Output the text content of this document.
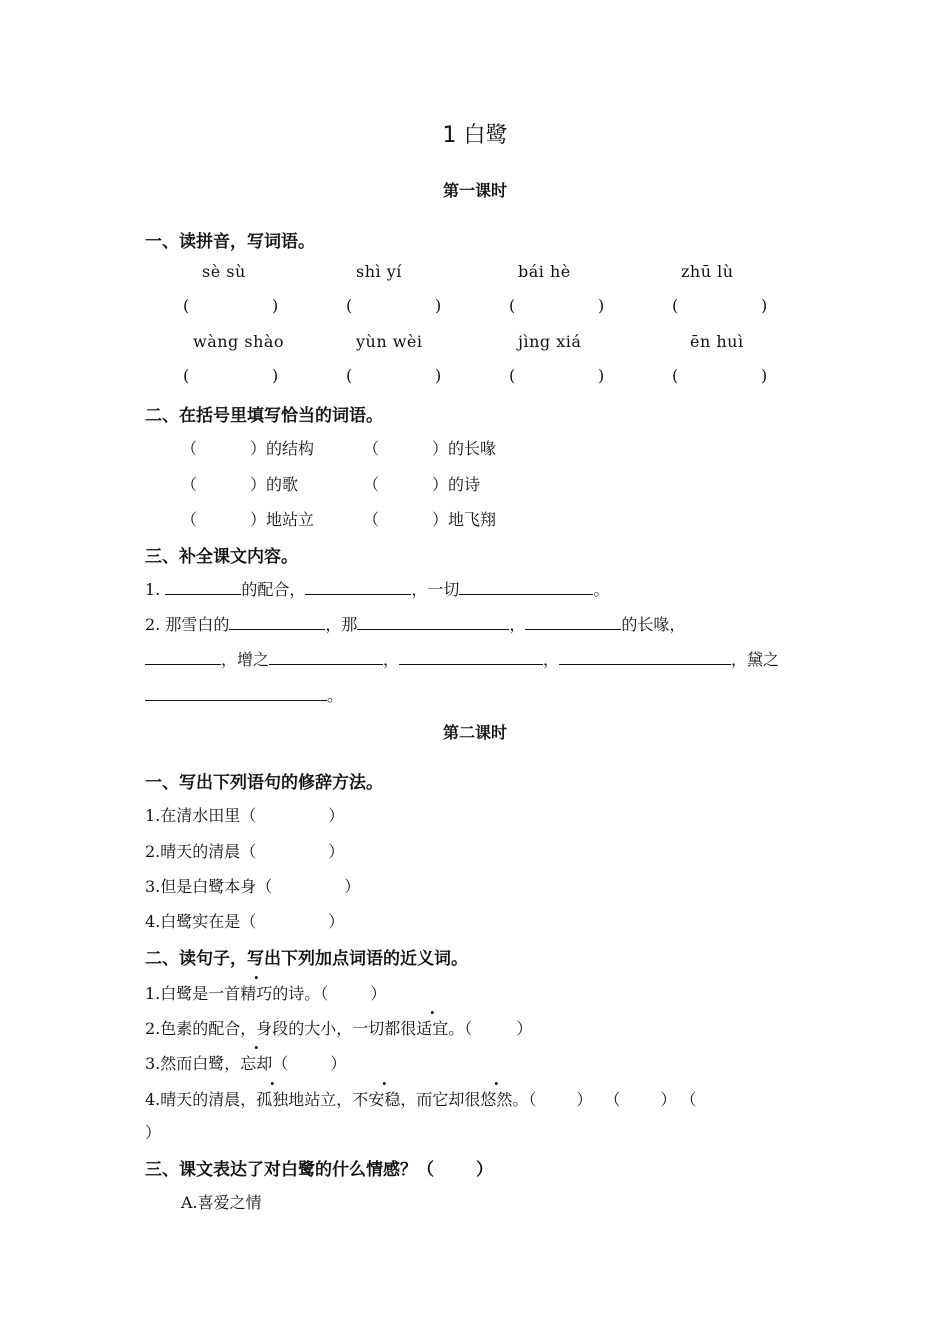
1 白鹭
第一课时
一、读拼音，写词语。
sè sù	shì yí	bái hè	zhū lù
(	)	(	)	(	)	(	)
wàng shào	yùn wèi	jìng xiá	ēn huì
(	)	(	)	(	)	(	)
二、在括号里填写恰当的词语。
（	）的结构	（	）的长喙
（	）的歌	（	）的诗
（	）地站立	（	）地飞翔
三、补全课文内容。
1.	的配合，	，一切	。
2. 那雪白的	，那	，	的长喙，
，增之	，	，	，黛之
。
第二课时
一、写出下列语句的修辞方法。
1.在清水田里（	）
2.晴天的清晨（	）
3.但是白鹭本身（	）
4.白鹭实在是（	）
二、读句子，写出下列加点词语的近义词。
1.白鹭是一首精巧的诗。（	）
2.色素的配合，身段的大小，一切都很适宜。（	）
3.然而白鹭，忘却（	）
4.晴天的清晨，孤独地站立，不安稳，而它却很悠然。（	） （	） （
）
三、课文表达了对白鹭的什么情感？（ ）
A.喜爱之情
